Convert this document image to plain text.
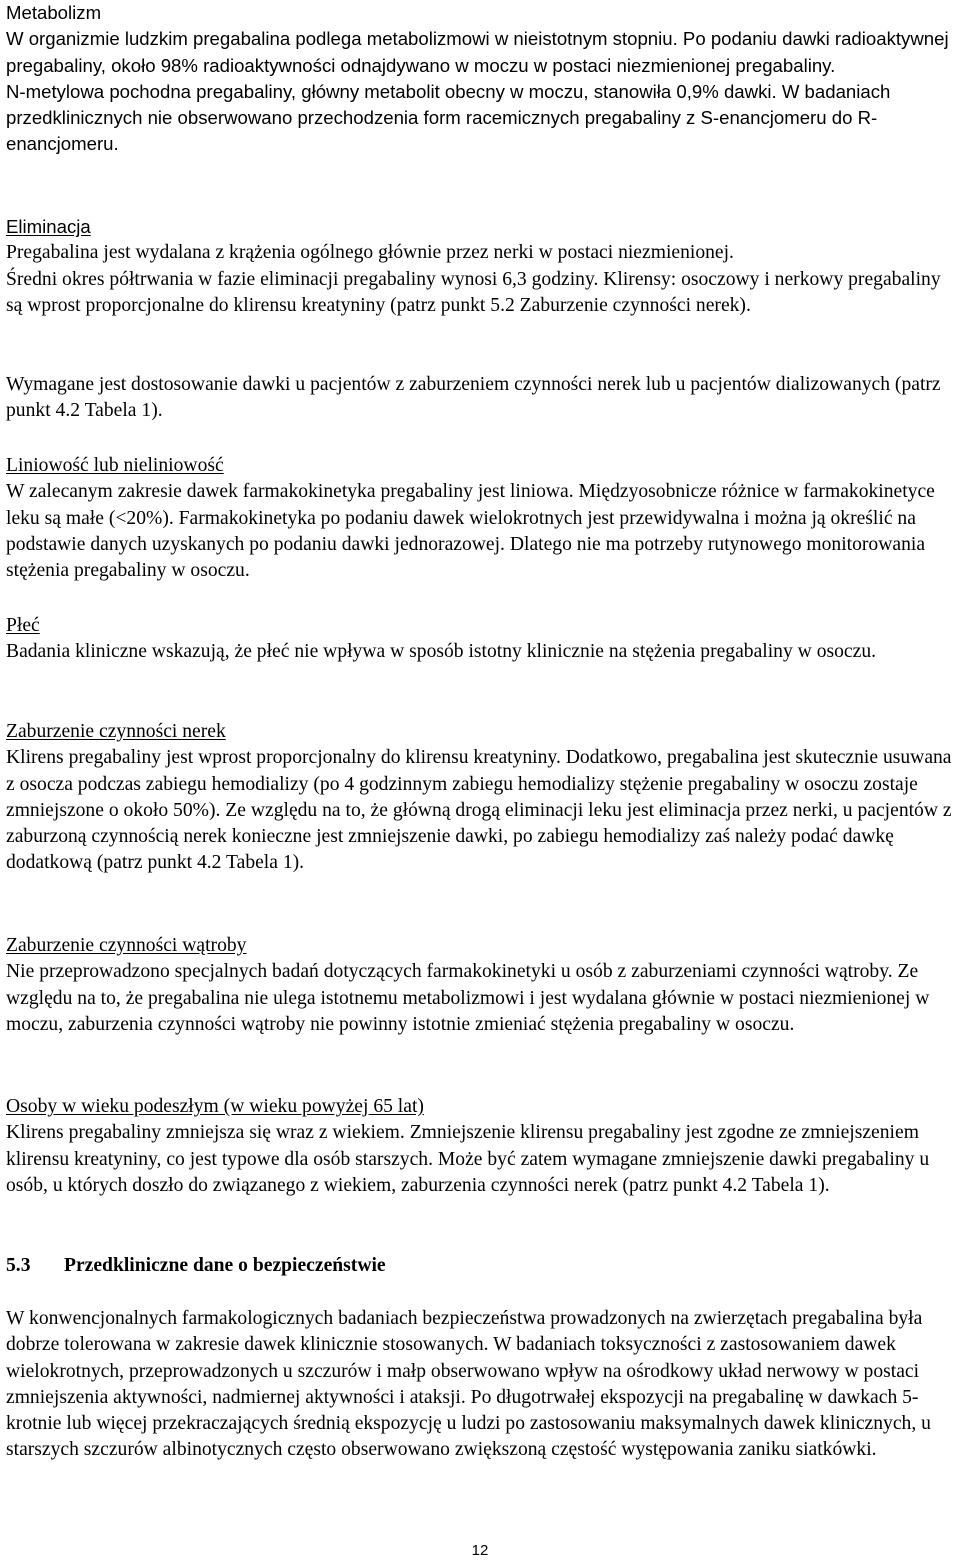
Metabolizm

W organizmie ludzkim pregabalina podlega metabolizmowi w nieistotnym stopniu. Po podaniu dawki radioaktywnej pregabaliny, około 98% radioaktywności odnajdywano w moczu w postaci niezmienionej pregabaliny.

N-metylowa pochodna pregabaliny, główny metabolit obecny w moczu, stanowiła 0,9% dawki. W badaniach przedklinicznych nie obserwowano przechodzenia form racemicznych pregabaliny z S-enancjomeru do R-enancjomeru.

Eliminacja

Pregabalina jest wydalana z krążenia ogólnego głównie przez nerki w postaci niezmienionej.

Średni okres półtrwania w fazie eliminacji pregabaliny wynosi 6,3 godziny. Klirensy: osoczowy i nerkowy pregabaliny są wprost proporcjonalne do klirensu kreatyniny (patrz punkt 5.2 Zaburzenie czynności nerek).

Wymagane jest dostosowanie dawki u pacjentów z zaburzeniem czynności nerek lub u pacjentów dializowanych (patrz punkt 4.2 Tabela 1).

Liniowość lub nieliniowość

W zalecanym zakresie dawek farmakokinetyka pregabaliny jest liniowa. Międzyosobnicze różnice w farmakokinetyce leku są małe (<20%). Farmakokinetyka po podaniu dawek wielokrotnych jest przewidywalna i można ją określić na podstawie danych uzyskanych po podaniu dawki jednorazowej. Dlatego nie ma potrzeby rutynowego monitorowania stężenia pregabaliny w osoczu.

Płeć

Badania kliniczne wskazują, że płeć nie wpływa w sposób istotny klinicznie na stężenia pregabaliny w osoczu.

Zaburzenie czynności nerek

Klirens pregabaliny jest wprost proporcjonalny do klirensu kreatyniny. Dodatkowo, pregabalina jest skutecznie usuwana z osocza podczas zabiegu hemodializy (po 4 godzinnym zabiegu hemodializy stężenie pregabaliny w osoczu zostaje zmniejszone o około 50%). Ze względu na to, że główną drogą eliminacji leku jest eliminacja przez nerki, u pacjentów z zaburzoną czynnością nerek konieczne jest zmniejszenie dawki, po zabiegu hemodializy zaś należy podać dawkę dodatkową (patrz punkt 4.2 Tabela 1).

Zaburzenie czynności wątroby

Nie przeprowadzono specjalnych badań dotyczących farmakokinetyki u osób z zaburzeniami czynności wątroby. Ze względu na to, że pregabalina nie ulega istotnemu metabolizmowi i jest wydalana głównie w postaci niezmienionej w moczu, zaburzenia czynności wątroby nie powinny istotnie zmieniać stężenia pregabaliny w osoczu.

Osoby w wieku podeszłym (w wieku powyżej 65 lat)

Klirens pregabaliny zmniejsza się wraz z wiekiem. Zmniejszenie klirensu pregabaliny jest zgodne ze zmniejszeniem klirensu kreatyniny, co jest typowe dla osób starszych. Może być zatem wymagane zmniejszenie dawki pregabaliny u osób, u których doszło do związanego z wiekiem, zaburzenia czynności nerek (patrz punkt 4.2 Tabela 1).

5.3 Przedkliniczne dane o bezpieczeństwie

W konwencjonalnych farmakologicznych badaniach bezpieczeństwa prowadzonych na zwierzętach pregabalina była dobrze tolerowana w zakresie dawek klinicznie stosowanych. W badaniach toksyczności z zastosowaniem dawek wielokrotnych, przeprowadzonych u szczurów i małp obserwowano wpływ na ośrodkowy układ nerwowy w postaci zmniejszenia aktywności, nadmiernej aktywności i ataksji. Po długotrwałej ekspozycji na pregabalinę w dawkach 5-krotnie lub więcej przekraczających średnią ekspozycję u ludzi po zastosowaniu maksymalnych dawek klinicznych, u starszych szczurów albinotycznych często obserwowano zwiększoną częstość występowania zaniku siatkówki.

12
